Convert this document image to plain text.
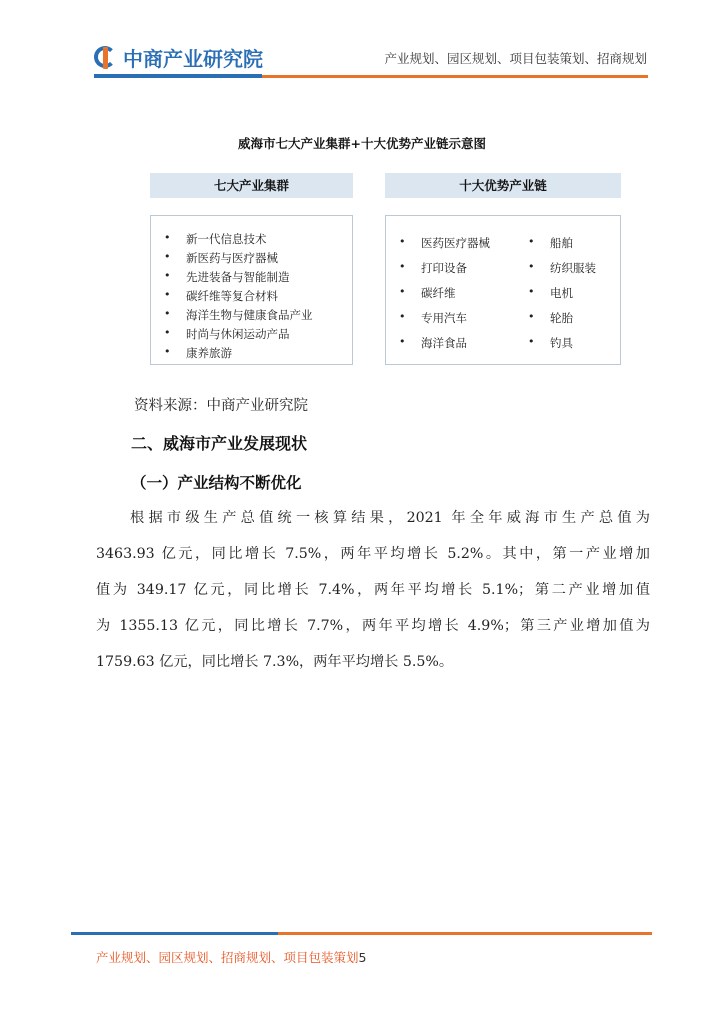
中商产业研究院	产业规划、园区规划、项目包装策划、招商规划
威海市七大产业集群+十大优势产业链示意图
七大产业集群	十大优势产业链
• 新一代信息技术
• 新医药与医疗器械
• 先进装备与智能制造
• 碳纤维等复合材料
• 海洋生物与健康食品产业
• 时尚与休闲运动产品
• 康养旅游
• 医药医疗器械
• 打印设备
• 碳纤维
• 专用汽车
• 海洋食品
• 船舶
• 纺织服装
• 电机
• 轮胎
• 钓具
资料来源：中商产业研究院
二、威海市产业发展现状
（一）产业结构不断优化
根据市级生产总值统一核算结果，2021 年全年威海市生产总值为
3463.93 亿元，同比增长 7.5%，两年平均增长 5.2%。其中，第一产业增加
值为 349.17 亿元，同比增长 7.4%，两年平均增长 5.1%；第二产业增加值
为 1355.13 亿元，同比增长 7.7%，两年平均增长 4.9%；第三产业增加值为
1759.63 亿元，同比增长 7.3%，两年平均增长 5.5%。
产业规划、园区规划、招商规划、项目包装策划5
